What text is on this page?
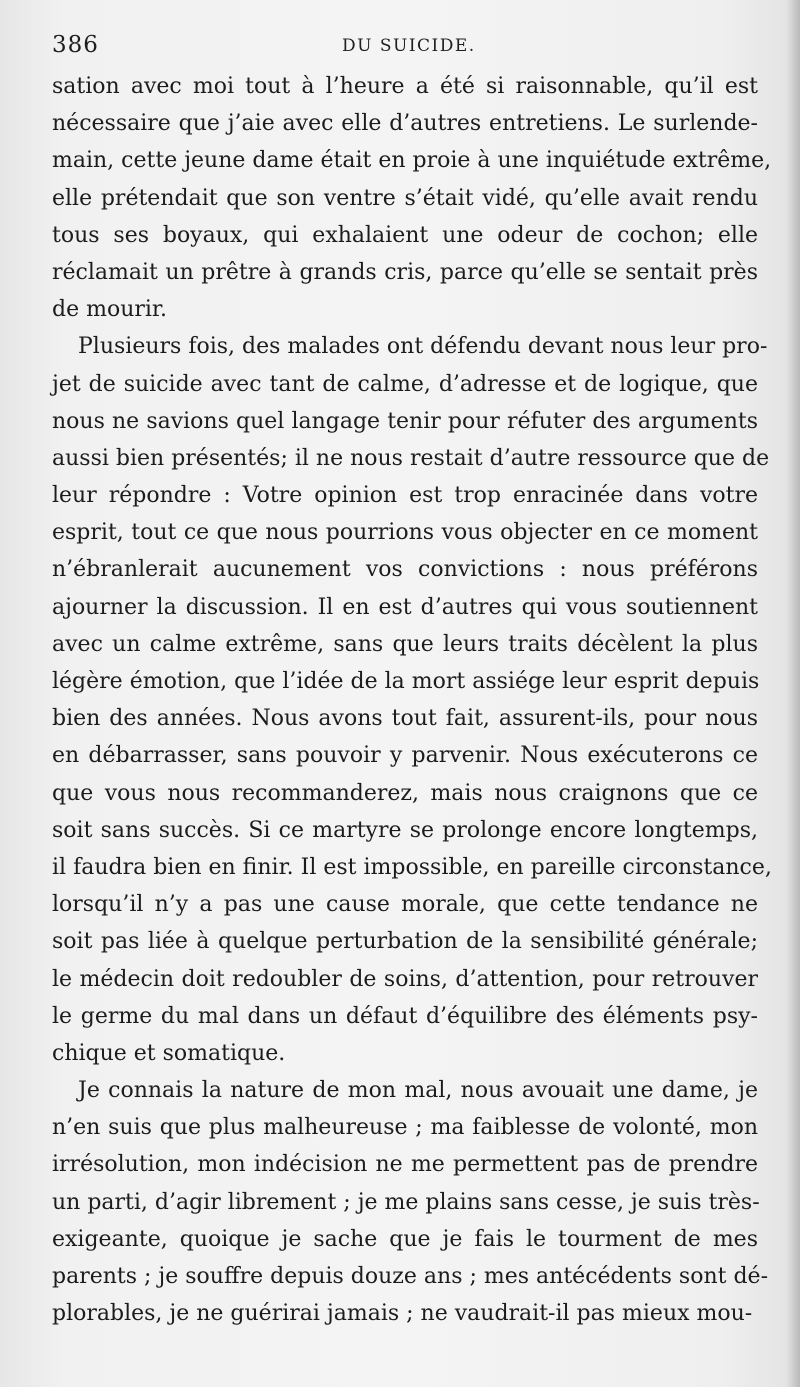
386	DU SUICIDE.
sation avec moi tout à l’heure a été si raisonnable, qu’il est
nécessaire que j’aie avec elle d’autres entretiens. Le surlende-
main, cette jeune dame était en proie à une inquiétude extrême,
elle prétendait que son ventre s’était vidé, qu’elle avait rendu
tous ses boyaux, qui exhalaient une odeur de cochon; elle
réclamait un prêtre à grands cris, parce qu’elle se sentait près
de mourir.
Plusieurs fois, des malades ont défendu devant nous leur pro-
jet de suicide avec tant de calme, d’adresse et de logique, que
nous ne savions quel langage tenir pour réfuter des arguments
aussi bien présentés; il ne nous restait d’autre ressource que de
leur répondre : Votre opinion est trop enracinée dans votre
esprit, tout ce que nous pourrions vous objecter en ce moment
n’ébranlerait aucunement vos convictions : nous préférons
ajourner la discussion. Il en est d’autres qui vous soutiennent
avec un calme extrême, sans que leurs traits décèlent la plus
légère émotion, que l’idée de la mort assiége leur esprit depuis
bien des années. Nous avons tout fait, assurent-ils, pour nous
en débarrasser, sans pouvoir y parvenir. Nous exécuterons ce
que vous nous recommanderez, mais nous craignons que ce
soit sans succès. Si ce martyre se prolonge encore longtemps,
il faudra bien en finir. Il est impossible, en pareille circonstance,
lorsqu’il n’y a pas une cause morale, que cette tendance ne
soit pas liée à quelque perturbation de la sensibilité générale;
le médecin doit redoubler de soins, d’attention, pour retrouver
le germe du mal dans un défaut d’équilibre des éléments psy-
chique et somatique.
Je connais la nature de mon mal, nous avouait une dame, je
n’en suis que plus malheureuse ; ma faiblesse de volonté, mon
irrésolution, mon indécision ne me permettent pas de prendre
un parti, d’agir librement ; je me plains sans cesse, je suis très-
exigeante, quoique je sache que je fais le tourment de mes
parents ; je souffre depuis douze ans ; mes antécédents sont dé-
plorables, je ne guérirai jamais ; ne vaudrait-il pas mieux mou-
